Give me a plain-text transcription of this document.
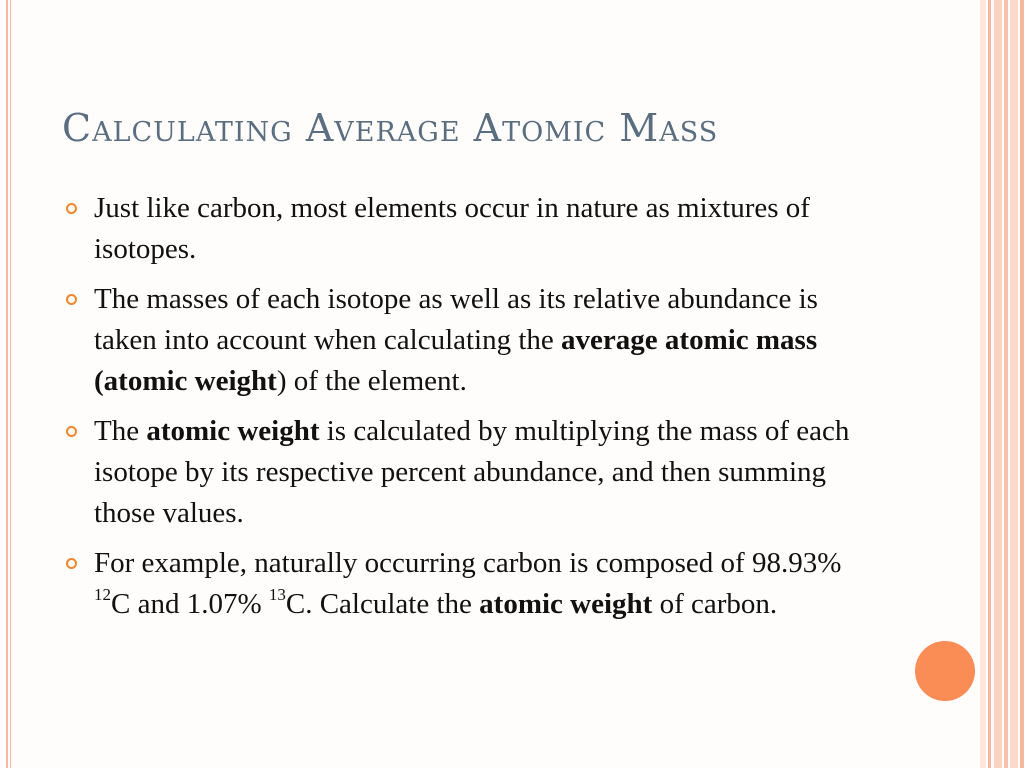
Calculating Average Atomic Mass
Just like carbon, most elements occur in nature as mixtures of isotopes.
The masses of each isotope as well as its relative abundance is taken into account when calculating the average atomic mass (atomic weight) of the element.
The atomic weight is calculated by multiplying the mass of each isotope by its respective percent abundance, and then summing those values.
For example, naturally occurring carbon is composed of 98.93% $^{12}$C and 1.07% $^{13}$C. Calculate the atomic weight of carbon.
